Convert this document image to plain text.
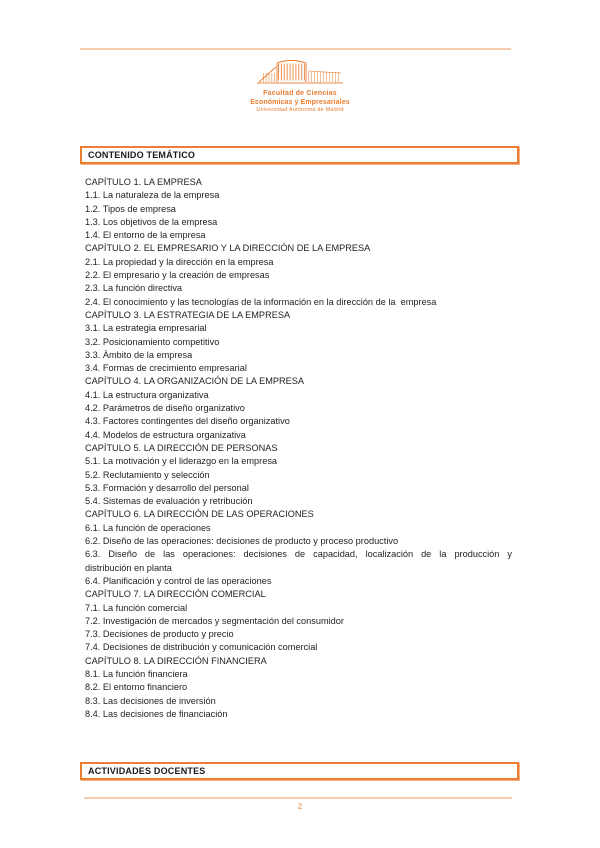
Facultad de Ciencias
Económicas y Empresariales
Universidad Autónoma de Madrid
CONTENIDO TEMÁTICO
CAPÍTULO 1. LA EMPRESA
1.1. La naturaleza de la empresa
1.2. Tipos de empresa
1.3. Los objetivos de la empresa
1.4. El entorno de la empresa
CAPÍTULO 2. EL EMPRESARIO Y LA DIRECCIÓN DE LA EMPRESA
2.1. La propiedad y la dirección en la empresa
2.2. El empresario y la creación de empresas
2.3. La función directiva
2.4. El conocimiento y las tecnologías de la información en la dirección de la  empresa
CAPÍTULO 3. LA ESTRATEGIA DE LA EMPRESA
3.1. La estrategia empresarial
3.2. Posicionamiento competitivo
3.3. Ámbito de la empresa
3.4. Formas de crecimiento empresarial
CAPÍTULO 4. LA ORGANIZACIÓN DE LA EMPRESA
4.1. La estructura organizativa
4.2. Parámetros de diseño organizativo
4.3. Factores contingentes del diseño organizativo
4.4. Modelos de estructura organizativa
CAPÍTULO 5. LA DIRECCIÓN DE PERSONAS
5.1. La motivación y el liderazgo en la empresa
5.2. Reclutamiento y selección
5.3. Formación y desarrollo del personal
5.4. Sistemas de evaluación y retribución
CAPÍTULO 6. LA DIRECCIÓN DE LAS OPERACIONES
6.1. La función de operaciones
6.2. Diseño de las operaciones: decisiones de producto y proceso productivo
6.3. Diseño de las operaciones: decisiones de capacidad, localización de la producción y
distribución en planta
6.4. Planificación y control de las operaciones
CAPÍTULO 7. LA DIRECCIÓN COMERCIAL
7.1. La función comercial
7.2. Investigación de mercados y segmentación del consumidor
7.3. Decisiones de producto y precio
7.4. Decisiones de distribución y comunicación comercial
CAPÍTULO 8. LA DIRECCIÓN FINANCIERA
8.1. La función financiera
8.2. El entorno financiero
8.3. Las decisiones de inversión
8.4. Las decisiones de financiación
ACTIVIDADES DOCENTES
2
